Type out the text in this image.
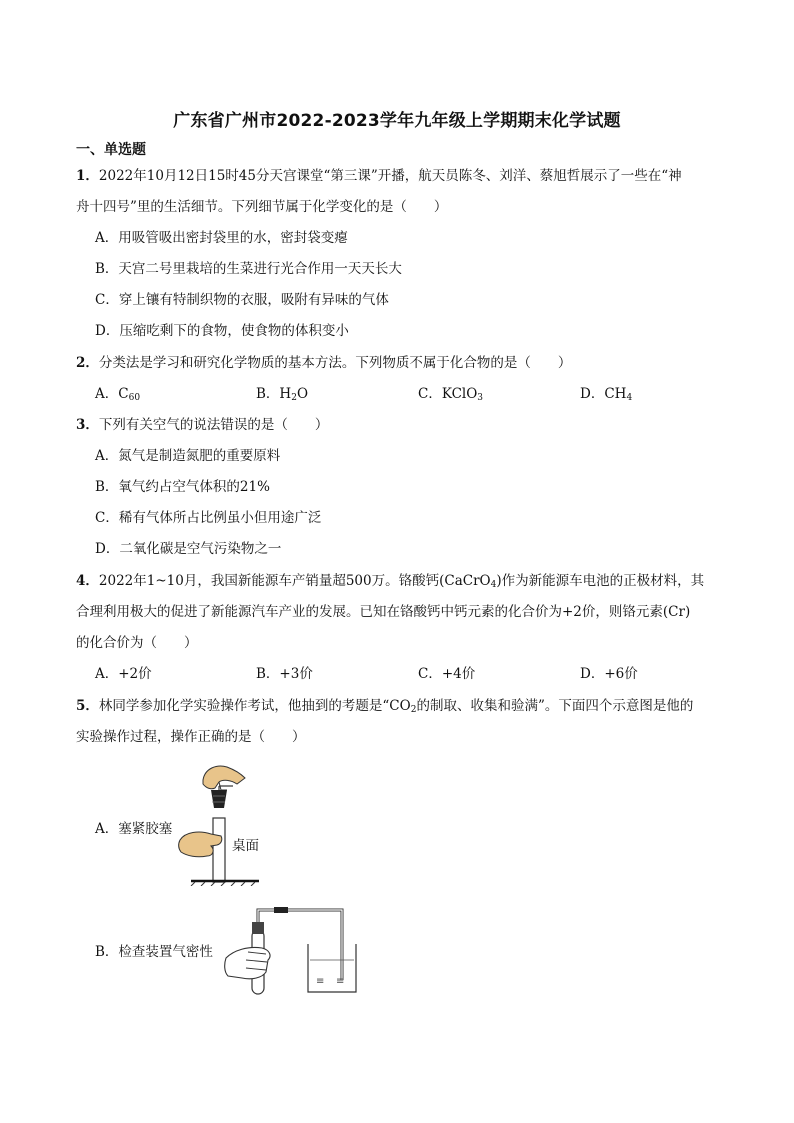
广东省广州市2022-2023学年九年级上学期期末化学试题
一、单选题
1．2022年10月12日15时45分天宫课堂“第三课”开播，航天员陈冬、刘洋、蔡旭哲展示了一些在“神
舟十四号”里的生活细节。下列细节属于化学变化的是（　　）
A．用吸管吸出密封袋里的水，密封袋变瘪
B．天宫二号里栽培的生菜进行光合作用一天天长大
C．穿上镶有特制织物的衣服，吸附有异味的气体
D．压缩吃剩下的食物，使食物的体积变小
2．分类法是学习和研究化学物质的基本方法。下列物质不属于化合物的是（　　）
A．$C_{60}$	B．$H_2O$	C．KClO$_3$	D．$CH_4$
3．下列有关空气的说法错误的是（　　）
A．氮气是制造氮肥的重要原料
B．氧气约占空气体积的21%
C．稀有气体所占比例虽小但用途广泛
D．二氧化碳是空气污染物之一
4．2022年1~10月，我国新能源车产销量超500万。铬酸钙(CaCrO$_4$)作为新能源车电池的正极材料，其
合理利用极大的促进了新能源汽车产业的发展。已知在铬酸钙中钙元素的化合价为+2价，则铬元素(Cr)
的化合价为（　　）
A．+2价	B．+3价	C．+4价	D．+6价
5．林同学参加化学实验操作考试，他抽到的考题是“$CO_2$的制取、收集和验满”。下面四个示意图是他的
实验操作过程，操作正确的是（　　）
A．塞紧胶塞
桌面
B．检查装置气密性
≡ ≡
